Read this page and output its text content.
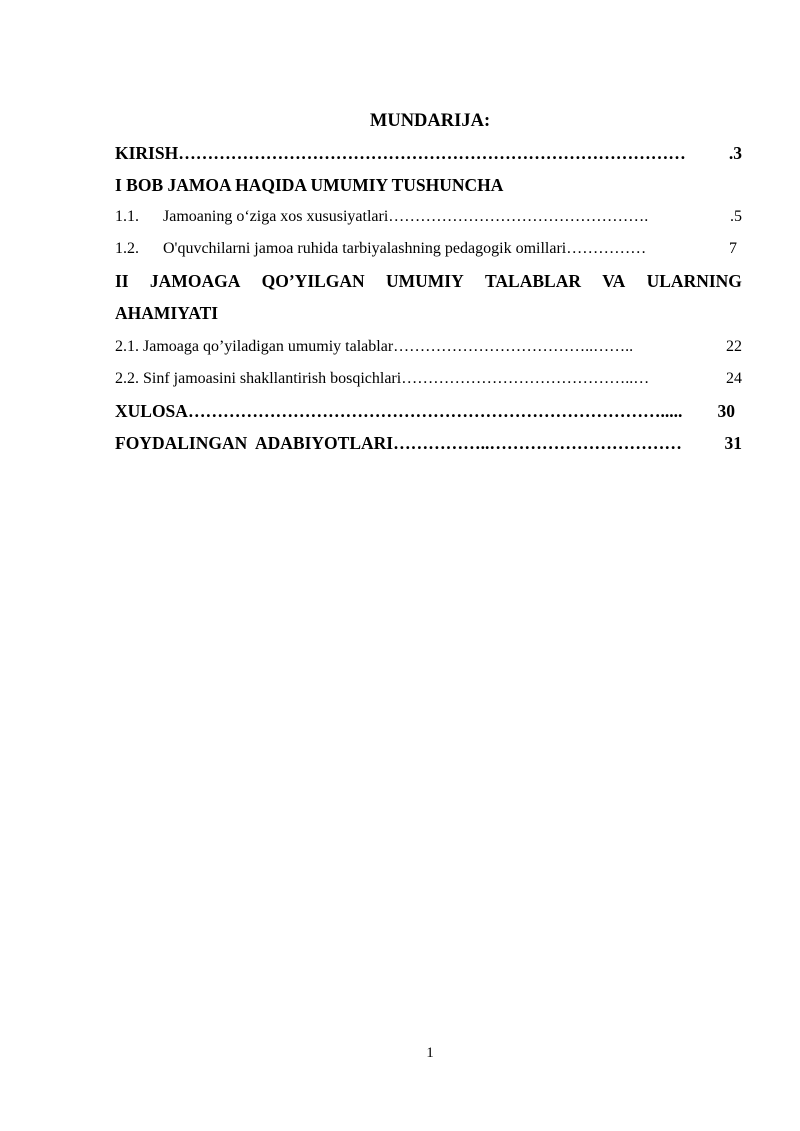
MUNDARIJA:
KIRISH ……………………………………………………………………………	.3
I BOB JAMOA HAQIDA UMUMIY TUSHUNCHA
1.1. Jamoaning o‘ziga xos xususiyatlari ………………………………………….	.5
1.2. O'quvchilarni jamoa ruhida tarbiyalashning pedagogik omillari ……………	7
II JAMOAGA QO’YILGAN UMUMIY TALABLAR VA ULARNING
AHAMIYATI
2.1. Jamoaga qo’yiladigan umumiy talablar ………………………………..……..	22
2.2. Sinf jamoasini shakllantirish bosqichlari ……………………………………..…	24
XULOSA ……………………………………………………………………….....	30
FOYDALINGAN  ADABIYOTLARI ……………..……………………………	31
1
